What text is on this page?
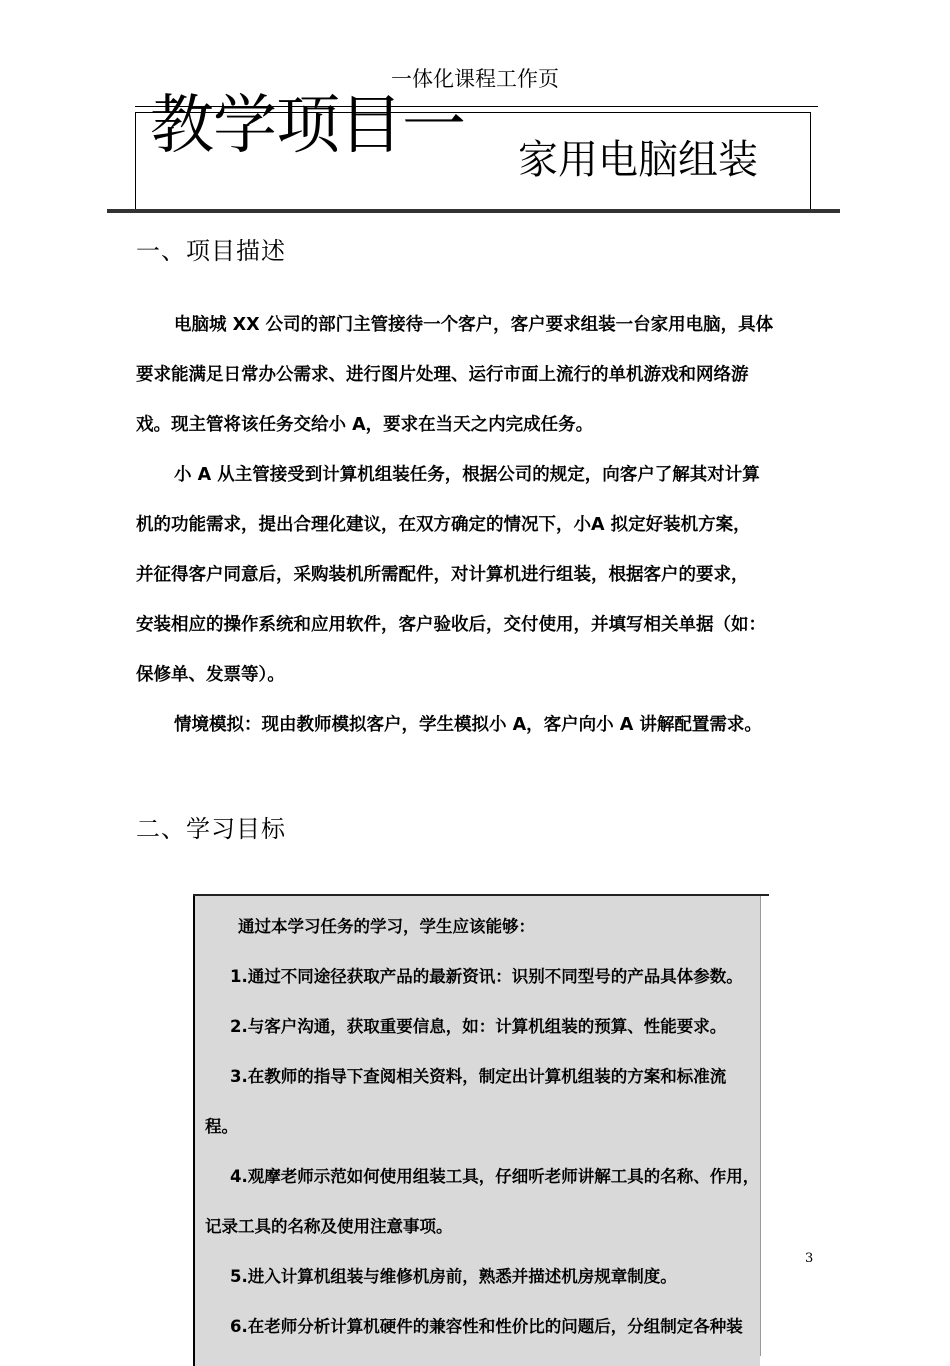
一体化课程工作页
教学项目一 家用电脑组装
一、项目描述
电脑城 XX 公司的部门主管接待一个客户，客户要求组装一台家用电脑，具体
要求能满足日常办公需求、进行图片处理、运行市面上流行的单机游戏和网络游
戏。现主管将该任务交给小 A，要求在当天之内完成任务。
小 A 从主管接受到计算机组装任务，根据公司的规定，向客户了解其对计算
机的功能需求，提出合理化建议，在双方确定的情况下，小A 拟定好装机方案，
并征得客户同意后，采购装机所需配件，对计算机进行组装，根据客户的要求，
安装相应的操作系统和应用软件，客户验收后，交付使用，并填写相关单据（如：
保修单、发票等）。
情境模拟：现由教师模拟客户，学生模拟小 A，客户向小 A 讲解配置需求。
二、学习目标
通过本学习任务的学习，学生应该能够：
1.通过不同途径获取产品的最新资讯：识别不同型号的产品具体参数。
2.与客户沟通，获取重要信息，如：计算机组装的预算、性能要求。
3.在教师的指导下查阅相关资料，制定出计算机组装的方案和标准流
程。
4.观摩老师示范如何使用组装工具，仔细听老师讲解工具的名称、作用，
记录工具的名称及使用注意事项。
5.进入计算机组装与维修机房前，熟悉并描述机房规章制度。
6.在老师分析计算机硬件的兼容性和性价比的问题后，分组制定各种装
3
